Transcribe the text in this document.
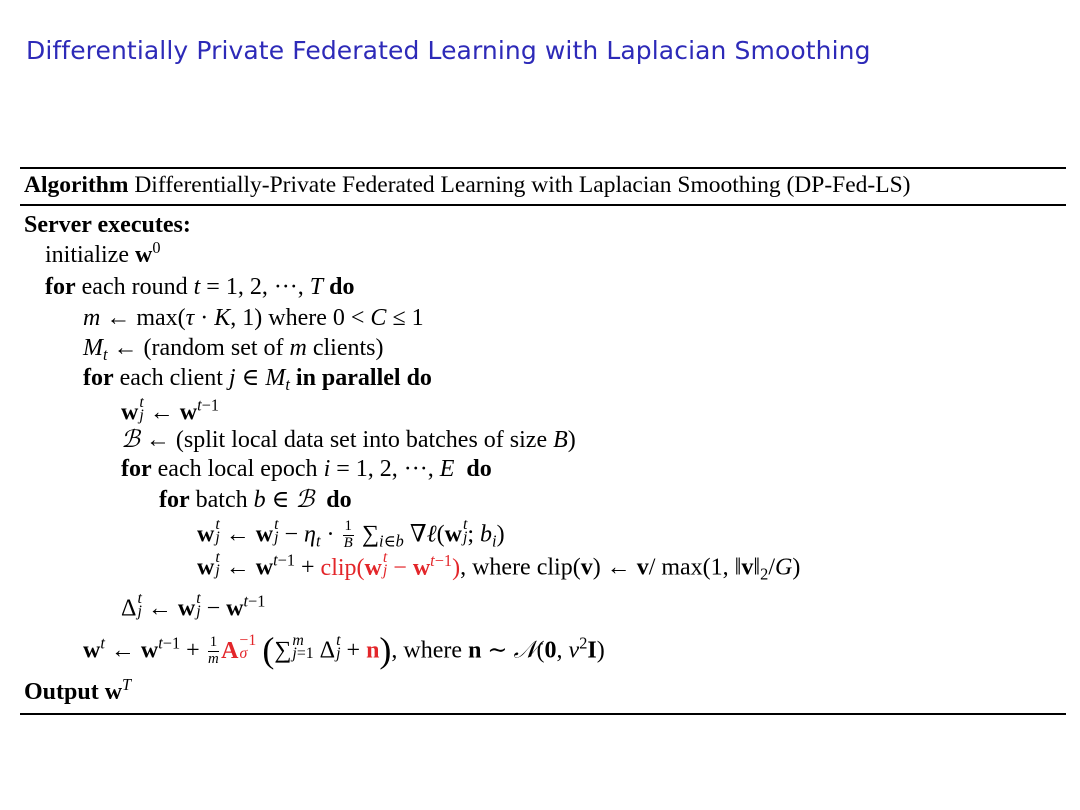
Differentially Private Federated Learning with Laplacian Smoothing
Algorithm Differentially-Private Federated Learning with Laplacian Smoothing (DP-Fed-LS)
Server executes:
initialize $w^0$
for each round t = 1, 2, ···, T do
m ← max(τ · K, 1) where 0 < C ≤ 1
$M_t$ ← (random set of m clients)
for each client j ∈ $M_t$ in parallel do
w t
j ← $w^{t-1}$
ℬ ← (split local data set into batches of size B)
for each local epoch i = 1, 2, ···, E do
for batch b ∈ ℬ do
w t
j ← w t
$j - \eta_t \cdot \frac{1}{B} \sum_{i\in b}$ ∇ℓ(w t
j ; $b_i$)
w t
j ← $w^{t-1}$ + clip(w t
$j - w^{t-1}$), where clip(v) ← v/ max(1, $‖v‖_2/G$)
Δ t
j ← w t
$j - w^{t-1}$
$w^t$ ← $w^{t-1} + \frac{1}{m}$ A −1
σ (∑ m
j=1 Δ t
j + n), where n ∼ 𝒩(0, $\nu^2I$)
Output $w^T$
